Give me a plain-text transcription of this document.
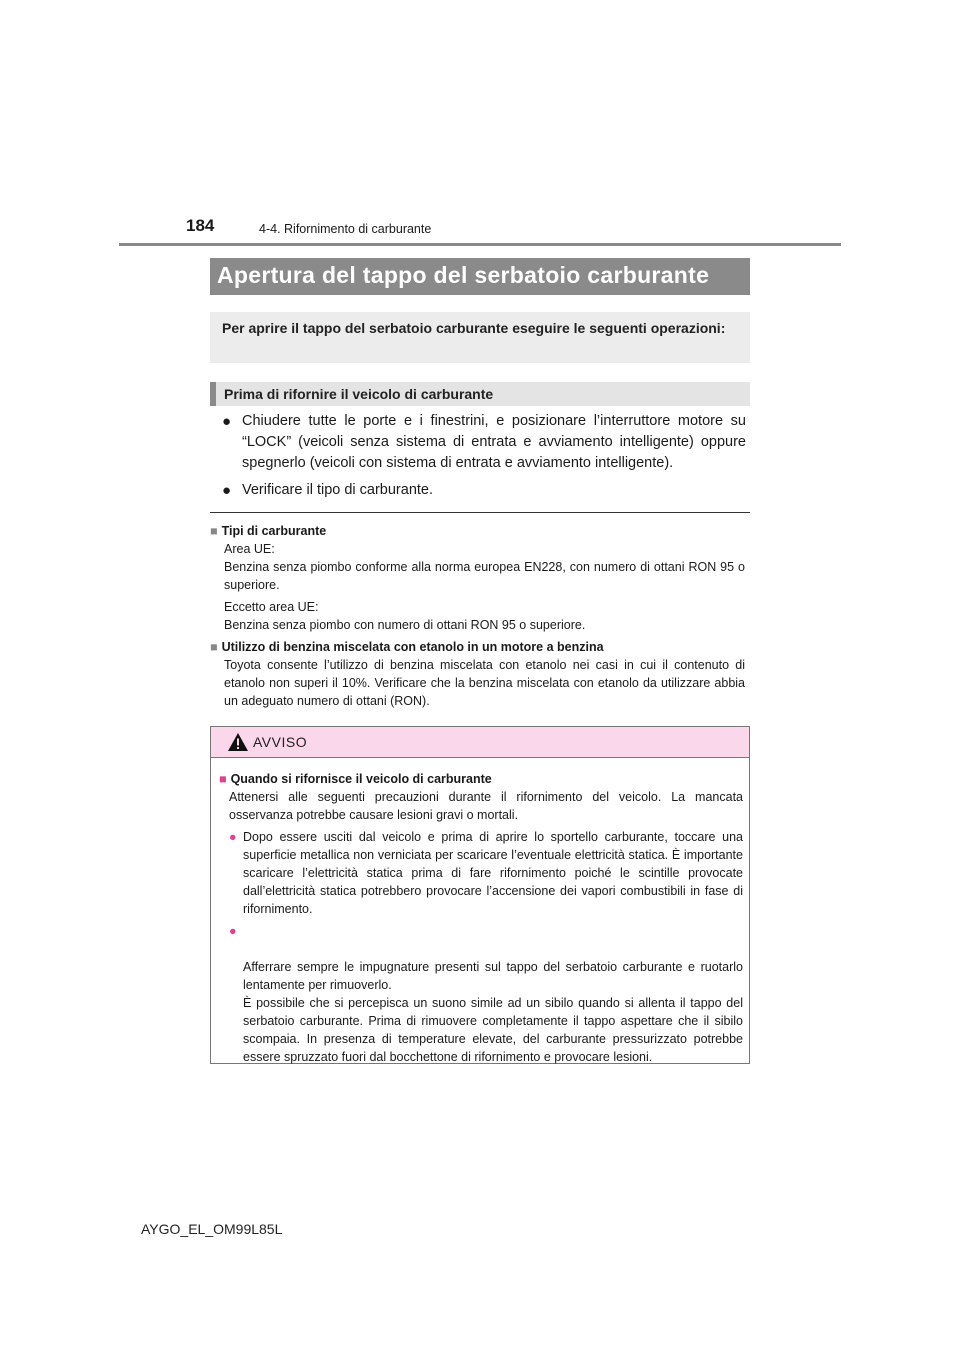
184	4-4. Rifornimento di carburante
Apertura del tappo del serbatoio carburante
Per aprire il tappo del serbatoio carburante eseguire le seguenti operazioni:
Prima di rifornire il veicolo di carburante
● Chiudere tutte le porte e i finestrini, e posizionare l’interruttore motore su “LOCK” (veicoli senza sistema di entrata e avviamento intelligente) oppure spegnerlo (veicoli con sistema di entrata e avviamento intelligente).
● Verificare il tipo di carburante.
■ Tipi di carburante
Area UE:
Benzina senza piombo conforme alla norma europea EN228, con numero di ottani RON 95 o superiore.
Eccetto area UE:
Benzina senza piombo con numero di ottani RON 95 o superiore.
■ Utilizzo di benzina miscelata con etanolo in un motore a benzina
Toyota consente l’utilizzo di benzina miscelata con etanolo nei casi in cui il contenuto di etanolo non superi il 10%. Verificare che la benzina miscelata con etanolo da utilizzare abbia un adeguato numero di ottani (RON).
AVVISO
■ Quando si rifornisce il veicolo di carburante
Attenersi alle seguenti precauzioni durante il rifornimento del veicolo. La mancata osservanza potrebbe causare lesioni gravi o mortali.
● Dopo essere usciti dal veicolo e prima di aprire lo sportello carburante, toccare una superficie metallica non verniciata per scaricare l’eventuale elettricità statica. È importante scaricare l’elettricità statica prima di fare rifornimento poiché le scintille provocate dall’elettricità statica potrebbero provocare l’accensione dei vapori combustibili in fase di rifornimento.

●

Afferrare sempre le impugnature presenti sul tappo del serbatoio carburante e ruotarlo lentamente per rimuoverlo.
È possibile che si percepisca un suono simile ad un sibilo quando si allenta il tappo del serbatoio carburante. Prima di rimuovere completamente il tappo aspettare che il sibilo scompaia. In presenza di temperature elevate, del carburante pressurizzato potrebbe essere spruzzato fuori dal bocchettone di rifornimento e provocare lesioni.

AYGO_EL_OM99L85L
